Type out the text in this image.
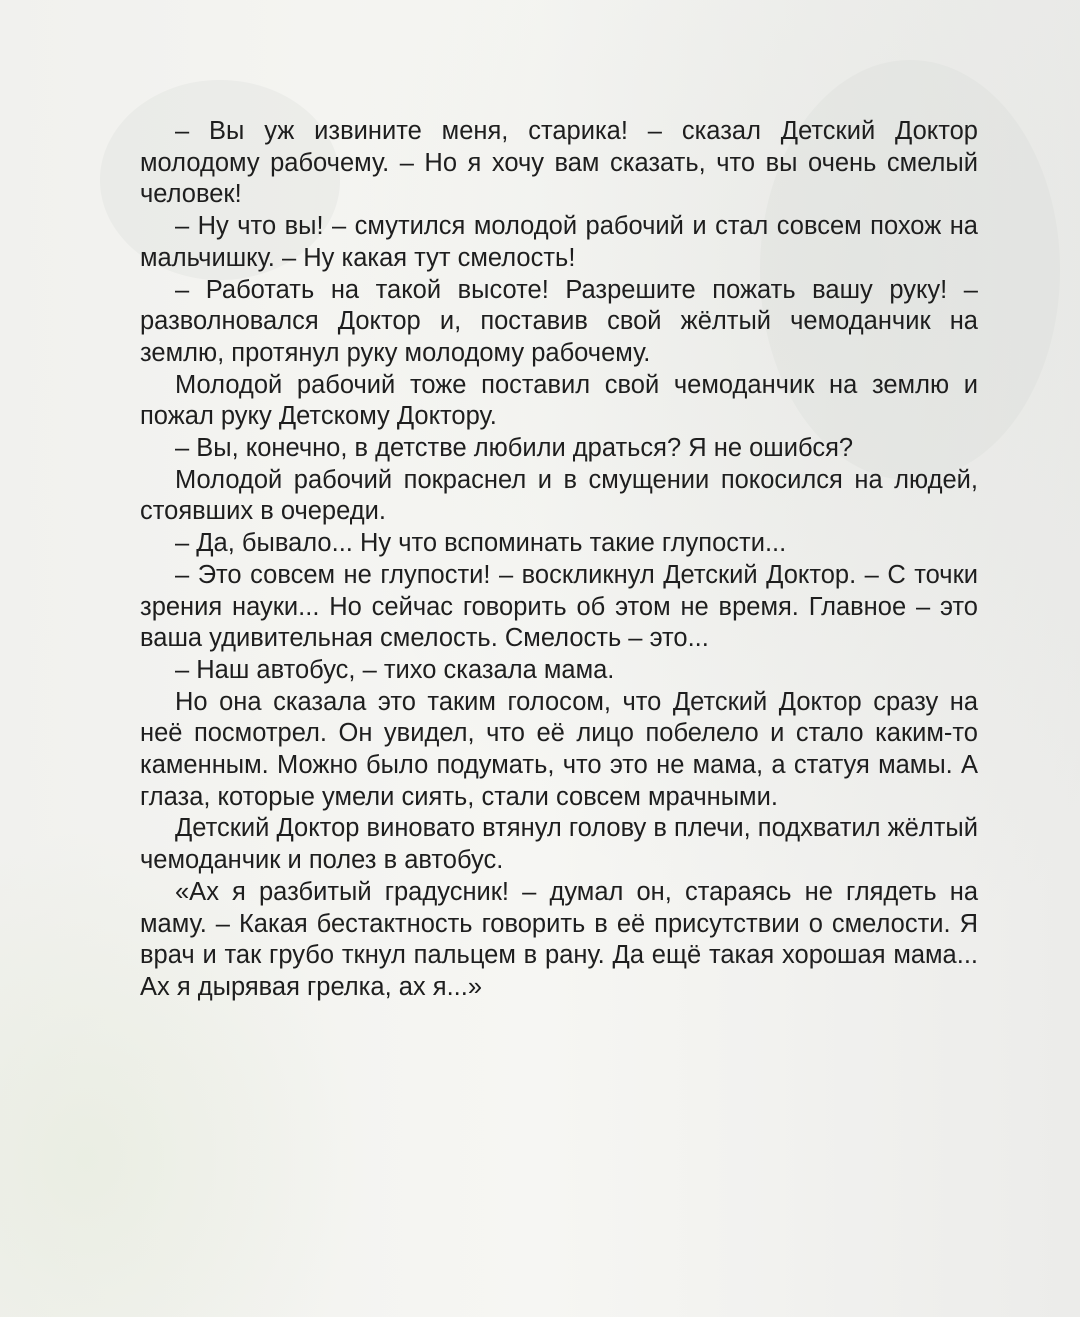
– Вы уж извините меня, старика! – сказал Детский Доктор молодому рабочему. – Но я хочу вам сказать, что вы очень смелый человек!

– Ну что вы! – смутился молодой рабочий и стал совсем похож на мальчишку. – Ну какая тут смелость!

– Работать на такой высоте! Разрешите пожать вашу руку! – разволновался Доктор и, поставив свой жёлтый чемоданчик на землю, протянул руку молодому рабочему.

Молодой рабочий тоже поставил свой чемоданчик на землю и пожал руку Детскому Доктору.

– Вы, конечно, в детстве любили драться? Я не ошибся?

Молодой рабочий покраснел и в смущении покосился на людей, стоявших в очереди.

– Да, бывало... Ну что вспоминать такие глупости...

– Это совсем не глупости! – воскликнул Детский Доктор. – С точки зрения науки... Но сейчас говорить об этом не время. Главное – это ваша удивительная смелость. Смелость – это...

– Наш автобус, – тихо сказала мама.

Но она сказала это таким голосом, что Детский Доктор сразу на неё посмотрел. Он увидел, что её лицо побелело и стало каким-то каменным. Можно было подумать, что это не мама, а статуя мамы. А глаза, которые умели сиять, стали совсем мрачными.

Детский Доктор виновато втянул голову в плечи, подхватил жёлтый чемоданчик и полез в автобус.

«Ах я разбитый градусник! – думал он, стараясь не глядеть на маму. – Какая бестактность говорить в её присутствии о смелости. Я врач и так грубо ткнул пальцем в рану. Да ещё такая хорошая мама... Ах я дырявая грелка, ах я...»
